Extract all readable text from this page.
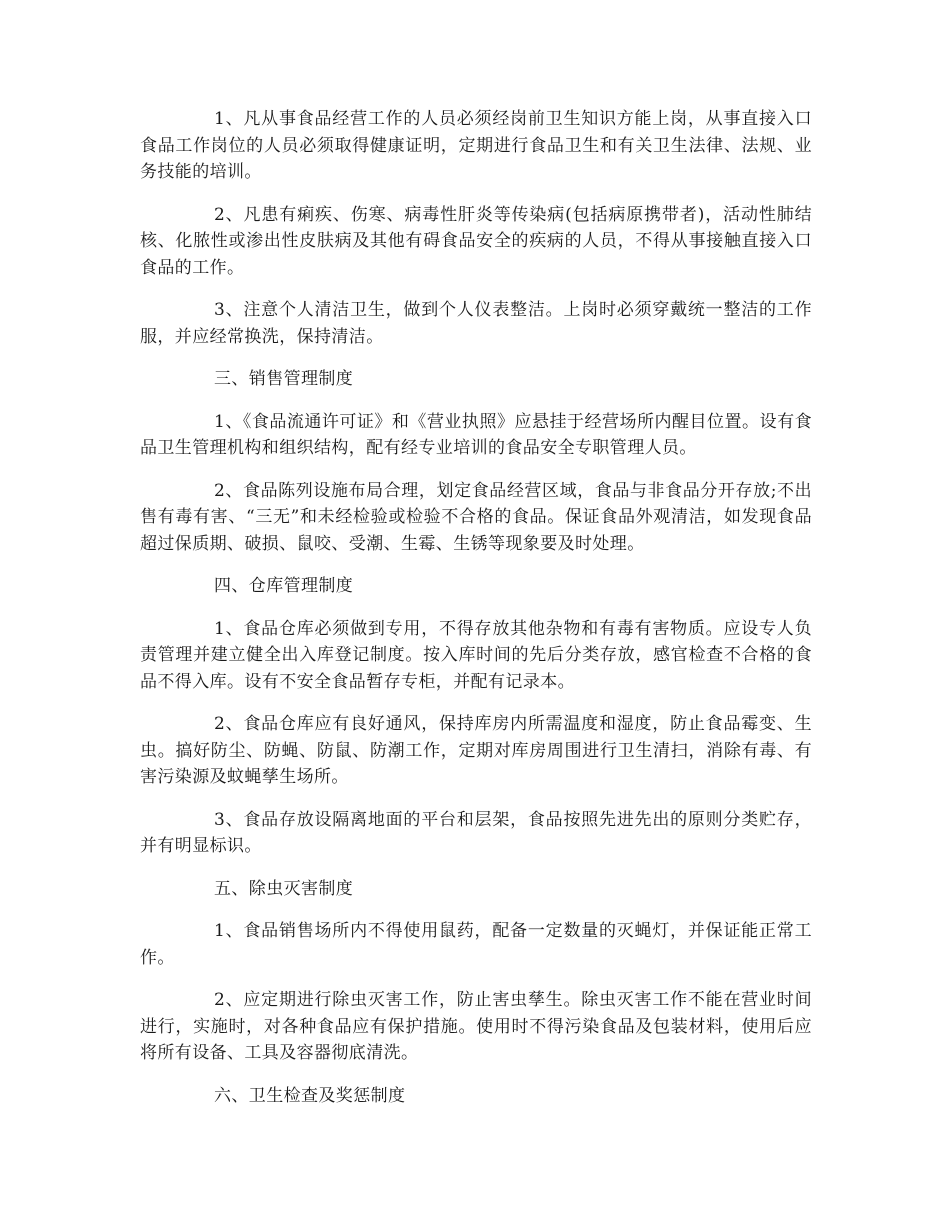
1、凡从事食品经营工作的人员必须经岗前卫生知识方能上岗，从事直接入口食品工作岗位的人员必须取得健康证明，定期进行食品卫生和有关卫生法律、法规、业务技能的培训。

2、凡患有痢疾、伤寒、病毒性肝炎等传染病(包括病原携带者)，活动性肺结核、化脓性或渗出性皮肤病及其他有碍食品安全的疾病的人员，不得从事接触直接入口食品的工作。

3、注意个人清洁卫生，做到个人仪表整洁。上岗时必须穿戴统一整洁的工作服，并应经常换洗，保持清洁。

三、销售管理制度

1、《食品流通许可证》和《营业执照》应悬挂于经营场所内醒目位置。设有食品卫生管理机构和组织结构，配有经专业培训的食品安全专职管理人员。

2、食品陈列设施布局合理，划定食品经营区域，食品与非食品分开存放;不出售有毒有害、“三无”和未经检验或检验不合格的食品。保证食品外观清洁，如发现食品超过保质期、破损、鼠咬、受潮、生霉、生锈等现象要及时处理。

四、仓库管理制度

1、食品仓库必须做到专用，不得存放其他杂物和有毒有害物质。应设专人负责管理并建立健全出入库登记制度。按入库时间的先后分类存放，感官检查不合格的食品不得入库。设有不安全食品暂存专柜，并配有记录本。

2、食品仓库应有良好通风，保持库房内所需温度和湿度，防止食品霉变、生虫。搞好防尘、防蝇、防鼠、防潮工作，定期对库房周围进行卫生清扫，消除有毒、有害污染源及蚊蝇孳生场所。

3、食品存放设隔离地面的平台和层架，食品按照先进先出的原则分类贮存，并有明显标识。

五、除虫灭害制度

1、食品销售场所内不得使用鼠药，配备一定数量的灭蝇灯，并保证能正常工作。

2、应定期进行除虫灭害工作，防止害虫孳生。除虫灭害工作不能在营业时间进行，实施时，对各种食品应有保护措施。使用时不得污染食品及包装材料，使用后应将所有设备、工具及容器彻底清洗。

六、卫生检查及奖惩制度
